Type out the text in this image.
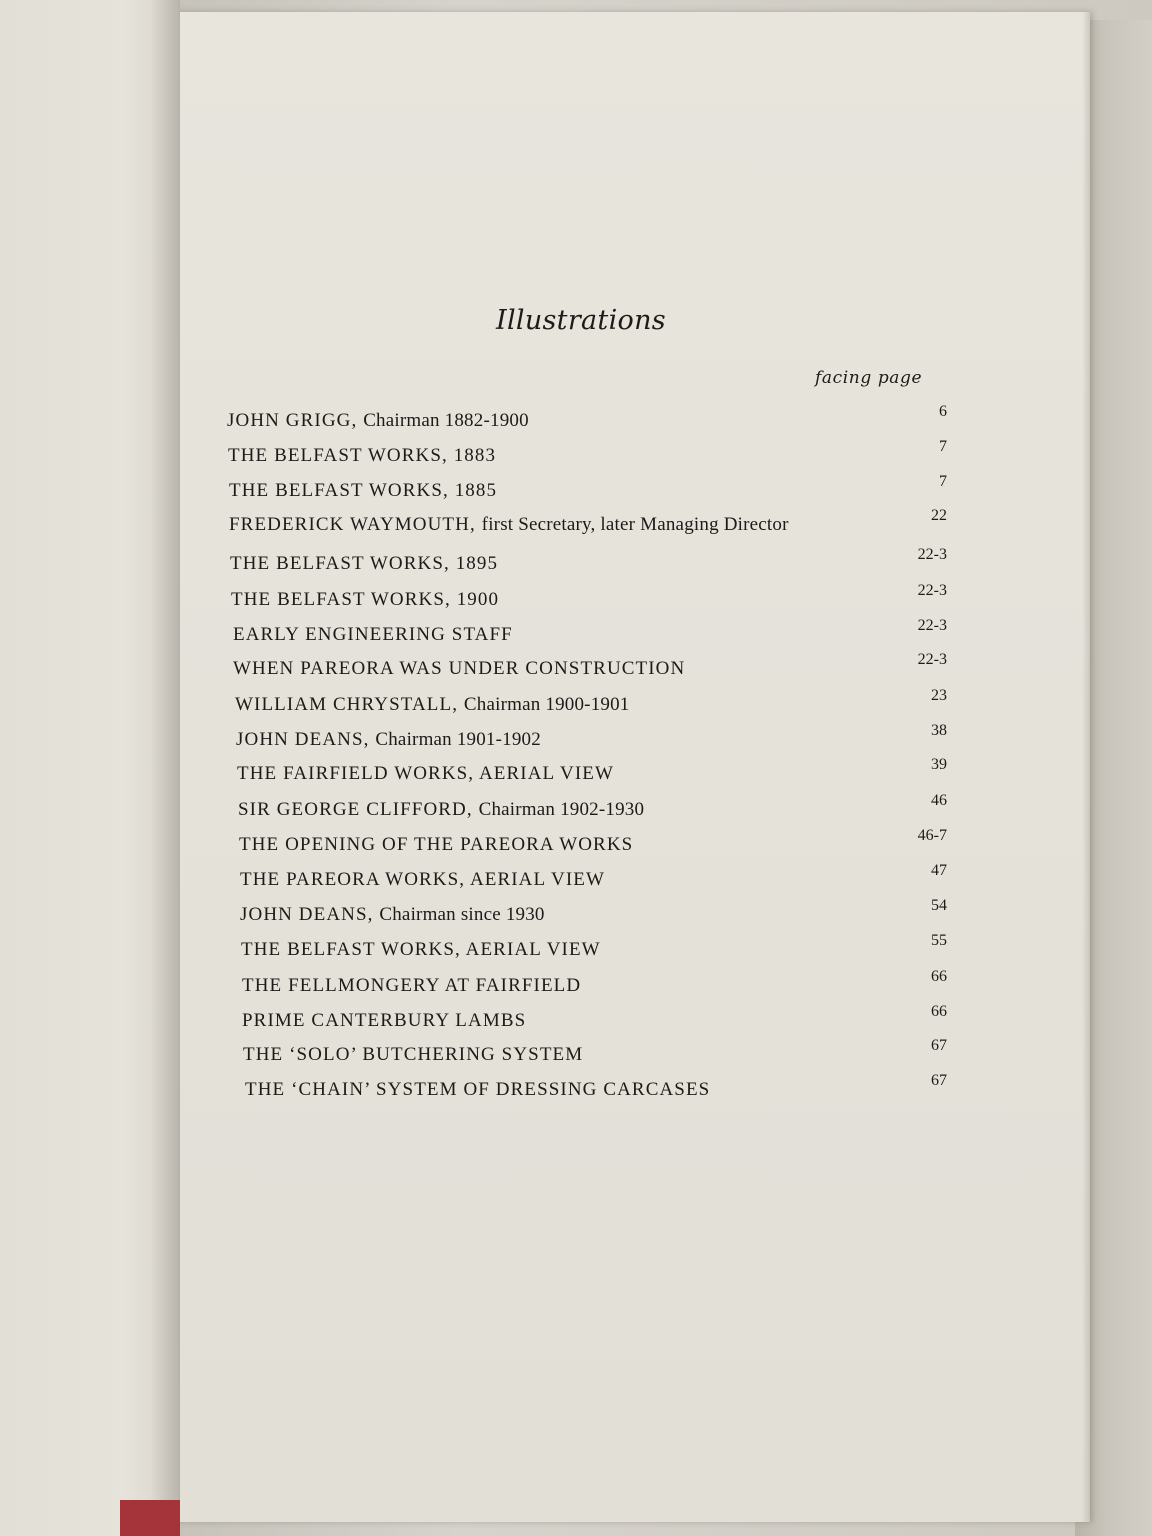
Illustrations
facing page
JOHN GRIGG, Chairman 1882-1900	6
THE BELFAST WORKS, 1883	7
THE BELFAST WORKS, 1885	7
FREDERICK WAYMOUTH, first Secretary, later Managing Director	22
THE BELFAST WORKS, 1895	22-3
THE BELFAST WORKS, 1900	22-3
EARLY ENGINEERING STAFF	22-3
WHEN PAREORA WAS UNDER CONSTRUCTION	22-3
WILLIAM CHRYSTALL, Chairman 1900-1901	23
JOHN DEANS, Chairman 1901-1902	38
THE FAIRFIELD WORKS, AERIAL VIEW	39
SIR GEORGE CLIFFORD, Chairman 1902-1930	46
THE OPENING OF THE PAREORA WORKS	46-7
THE PAREORA WORKS, AERIAL VIEW	47
JOHN DEANS, Chairman since 1930	54
THE BELFAST WORKS, AERIAL VIEW	55
THE FELLMONGERY AT FAIRFIELD	66
PRIME CANTERBURY LAMBS	66
THE ‘SOLO’ BUTCHERING SYSTEM	67
THE ‘CHAIN’ SYSTEM OF DRESSING CARCASES	67
